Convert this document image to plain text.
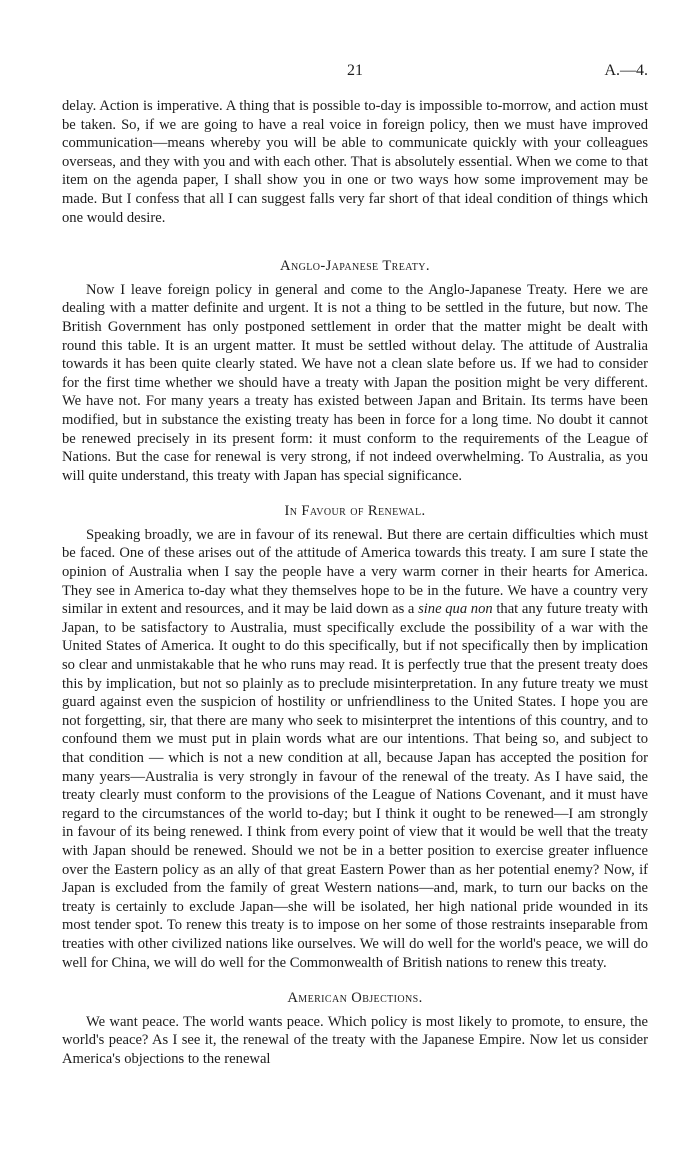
21	A.—4.

delay. Action is imperative. A thing that is possible to-day is impossible to-morrow, and action must be taken. So, if we are going to have a real voice in foreign policy, then we must have improved communication—means whereby you will be able to communicate quickly with your colleagues overseas, and they with you and with each other. That is absolutely essential. When we come to that item on the agenda paper, I shall show you in one or two ways how some improvement may be made. But I confess that all I can suggest falls very far short of that ideal condition of things which one would desire.

Anglo-Japanese Treaty.

Now I leave foreign policy in general and come to the Anglo-Japanese Treaty. Here we are dealing with a matter definite and urgent. It is not a thing to be settled in the future, but now. The British Government has only postponed settlement in order that the matter might be dealt with round this table. It is an urgent matter. It must be settled without delay. The attitude of Australia towards it has been quite clearly stated. We have not a clean slate before us. If we had to consider for the first time whether we should have a treaty with Japan the position might be very different. We have not. For many years a treaty has existed between Japan and Britain. Its terms have been modified, but in substance the existing treaty has been in force for a long time. No doubt it cannot be renewed precisely in its present form: it must conform to the requirements of the League of Nations. But the case for renewal is very strong, if not indeed overwhelming. To Australia, as you will quite understand, this treaty with Japan has special significance.

In Favour of Renewal.

Speaking broadly, we are in favour of its renewal. But there are certain difficulties which must be faced. One of these arises out of the attitude of America towards this treaty. I am sure I state the opinion of Australia when I say the people have a very warm corner in their hearts for America. They see in America to-day what they themselves hope to be in the future. We have a country very similar in extent and resources, and it may be laid down as a sine qua non that any future treaty with Japan, to be satisfactory to Australia, must specifically exclude the possibility of a war with the United States of America. It ought to do this specifically, but if not specifically then by implication so clear and unmistakable that he who runs may read. It is perfectly true that the present treaty does this by implication, but not so plainly as to preclude misinterpretation. In any future treaty we must guard against even the suspicion of hostility or unfriendliness to the United States. I hope you are not forgetting, sir, that there are many who seek to misinterpret the intentions of this country, and to confound them we must put in plain words what are our intentions. That being so, and subject to that condition — which is not a new condition at all, because Japan has accepted the position for many years—Australia is very strongly in favour of the renewal of the treaty. As I have said, the treaty clearly must conform to the provisions of the League of Nations Covenant, and it must have regard to the circumstances of the world to-day; but I think it ought to be renewed—I am strongly in favour of its being renewed. I think from every point of view that it would be well that the treaty with Japan should be renewed. Should we not be in a better position to exercise greater influence over the Eastern policy as an ally of that great Eastern Power than as her potential enemy? Now, if Japan is excluded from the family of great Western nations—and, mark, to turn our backs on the treaty is certainly to exclude Japan—she will be isolated, her high national pride wounded in its most tender spot. To renew this treaty is to impose on her some of those restraints inseparable from treaties with other civilized nations like ourselves. We will do well for the world's peace, we will do well for China, we will do well for the Commonwealth of British nations to renew this treaty.

American Objections.

We want peace. The world wants peace. Which policy is most likely to promote, to ensure, the world's peace? As I see it, the renewal of the treaty with the Japanese Empire. Now let us consider America's objections to the renewal
